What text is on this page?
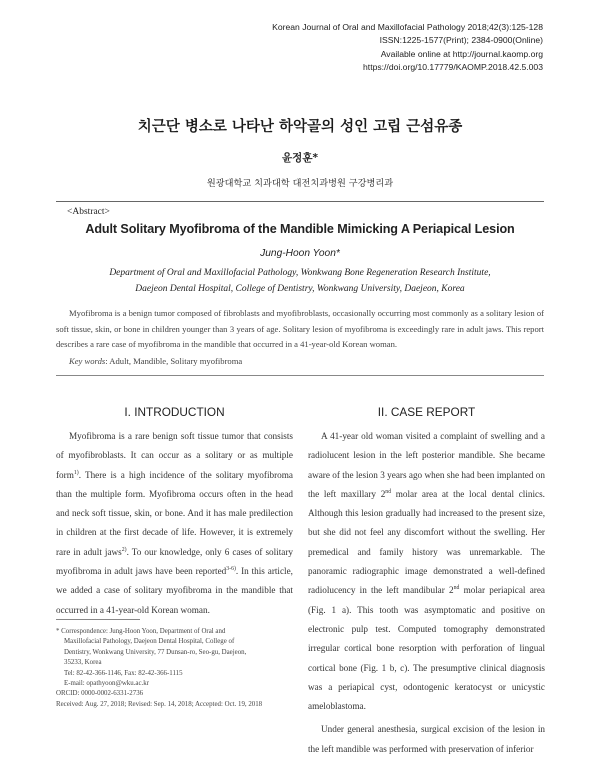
Korean Journal of Oral and Maxillofacial Pathology 2018;42(3):125-128
ISSN:1225-1577(Print); 2384-0900(Online)
Available online at http://journal.kaomp.org
https://doi.org/10.17779/KAOMP.2018.42.5.003
치근단 병소로 나타난 하악골의 성인 고립 근섬유종
윤정훈*
원광대학교 치과대학 대전치과병원 구강병리과
<Abstract>
Adult Solitary Myofibroma of the Mandible Mimicking A Periapical Lesion
Jung-Hoon Yoon*
Department of Oral and Maxillofacial Pathology, Wonkwang Bone Regeneration Research Institute,
Daejeon Dental Hospital, College of Dentistry, Wonkwang University, Daejeon, Korea
Myofibroma is a benign tumor composed of fibroblasts and myofibroblasts, occasionally occurring most commonly as a solitary lesion of soft tissue, skin, or bone in children younger than 3 years of age. Solitary lesion of myofibroma is exceedingly rare in adult jaws. This report describes a rare case of myofibroma in the mandible that occurred in a 41-year-old Korean woman.
Key words: Adult, Mandible, Solitary myofibroma
I. INTRODUCTION	II. CASE REPORT

Myofibroma is a rare benign soft tissue tumor that consists of myofibroblasts. It can occur as a solitary or as multiple form$^{1)}$. There is a high incidence of the solitary myofibroma than the multiple form. Myofibroma occurs often in the head and neck soft tissue, skin, or bone. And it has male predilection in children at the first decade of life. However, it is extremely rare in adult jaws$^{2)}$. To our knowledge, only 6 cases of solitary myofibroma in adult jaws have been reported$^{3-6)}$. In this article, we added a case of solitary myofibroma in the mandible that occurred in a 41-year-old Korean woman.

A 41-year old woman visited a complaint of swelling and a radiolucent lesion in the left posterior mandible. She became aware of the lesion 3 years ago when she had been implanted on the left maxillary 2nd molar area at the local dental clinics. Although this lesion gradually had increased to the present size, but she did not feel any discomfort without the swelling. Her premedical and family history was unremarkable. The panoramic radiographic image demonstrated a well-defined radiolucency in the left mandibular 2nd molar periapical area (Fig. 1 a). This tooth was asymptomatic and positive on electronic pulp test. Computed tomography demonstrated irregular cortical bone resorption with perforation of lingual cortical bone (Fig. 1 b, c). The presumptive clinical diagnosis was a periapical cyst, odontogenic keratocyst or unicystic ameloblastoma.

Under general anesthesia, surgical excision of the lesion in the left mandible was performed with preservation of inferior

* Correspondence: Jung-Hoon Yoon, Department of Oral and
Maxillofacial Pathology, Daejeon Dental Hospital, College of
Dentistry, Wonkwang University, 77 Dunsan-ro, Seo-gu, Daejeon,
35233, Korea
Tel: 82-42-366-1146, Fax: 82-42-366-1115
E-mail: opathyoon@wku.ac.kr
ORCID: 0000-0002-6331-2736
Received: Aug. 27, 2018; Revised: Sep. 14, 2018; Accepted: Oct. 19, 2018
